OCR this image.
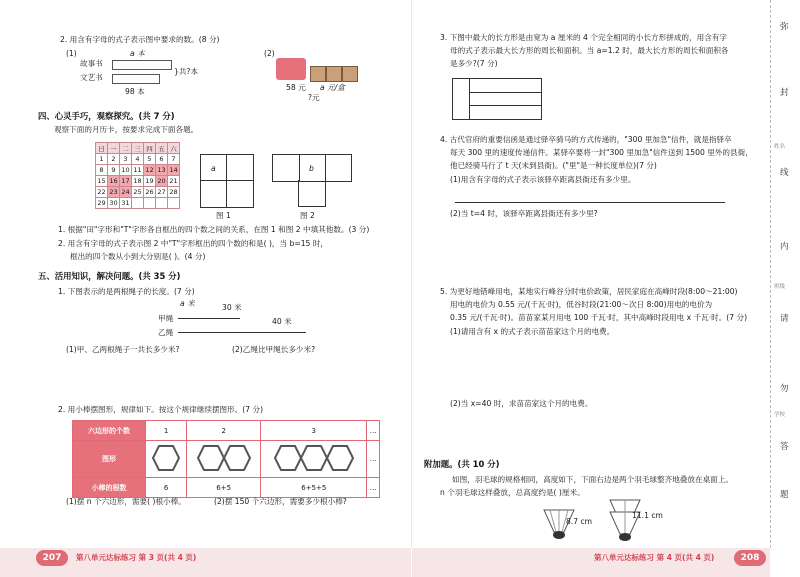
2. 用含有字母的式子表示图中要求的数。(8 分)
(1)	a 本
故事书
文艺书
}共?本
98 本
(2)
58 元 a 元/盒
?元
四、心灵手巧，观察探究。(共 7 分)
观察下面的月历卡，按要求完成下面各题。
日	一	二	三	四	五	六
1	2	3	4	5	6	7
8	9	10	11	12	13	14
15	16	17	18	19	20	21
22	23	24	25	26	27	28
29	30	31				
a
图 1
b
图 2
1. 根据"田"字形和"T"字形各自框出的四个数之间的关系，在图 1 和图 2 中填其他数。(3 分)
2. 用含有字母的式子表示图 2 中"T"字形框出的四个数的和是( )，当 b=15 时，
框出的四个数从小到大分别是( )。(4 分)
五、活用知识，解决问题。(共 35 分)
1. 下图表示的是两根绳子的长度。(7 分)
a 米	30 米
40 米
甲绳
乙绳
(1)甲、乙两根绳子一共长多少米?	(2)乙绳比甲绳长多少米?
2. 用小棒摆图形，规律如下。按这个规律继续摆图形。(7 分)
六边形的个数	1	2	3	…
图形				…
小棒的根数	6	6+5	6+5+5	…
(1)摆 n 个六边形，需要( )根小棒。	(2)摆 150 个六边形，需要多少根小棒?
207	第八单元达标练习 第 3 页(共 4 页)
3. 下图中最大的长方形是由宽为 a 厘米的 4 个完全相同的小长方形拼成的，用含有字
母的式子表示最大长方形的周长和面积。当 a=1.2 时，最大长方形的周长和面积各
是多少?(7 分)
4. 古代官府的重要信函是通过驿卒骑马的方式传递的，"300 里加急"信件，就是指驿卒
每天 300 里的速度传递信件。某驿卒要将一封"300 里加急"信件送到 1500 里外的县衙，
他已经骑马行了 t 天(未到县衙)。("里"是一种长度单位)(7 分)
(1)用含有字母的式子表示该驿卒距离县衙还有多少里。
(2)当 t=4 时，该驿卒距离县衙还有多少里?
5. 为更好地错峰用电，某地实行峰谷分时电价政策，居民家庭在高峰时段(8:00～21:00)
用电的电价为 0.55 元/(千瓦·时)，低谷时段(21:00～次日 8:00)用电的电价为
0.35 元/(千瓦·时)。苗苗家某月用电 100 千瓦·时，其中高峰时段用电 x 千瓦·时。(7 分)
(1)请用含有 x 的式子表示苗苗家这个月的电费。
(2)当 x=40 时，求苗苗家这个月的电费。
附加题。(共 10 分)
如图，羽毛球的规格相同，高度如下，下面右边是两个羽毛球整齐地叠放在桌面上。
n 个羽毛球这样叠放，总高度约是( )厘米。
8.7 cm
11.1 cm
第八单元达标练习 第 4 页(共 4 页)	208
弥
封
线
内
请
勿
答
题
姓名
班级
学校
